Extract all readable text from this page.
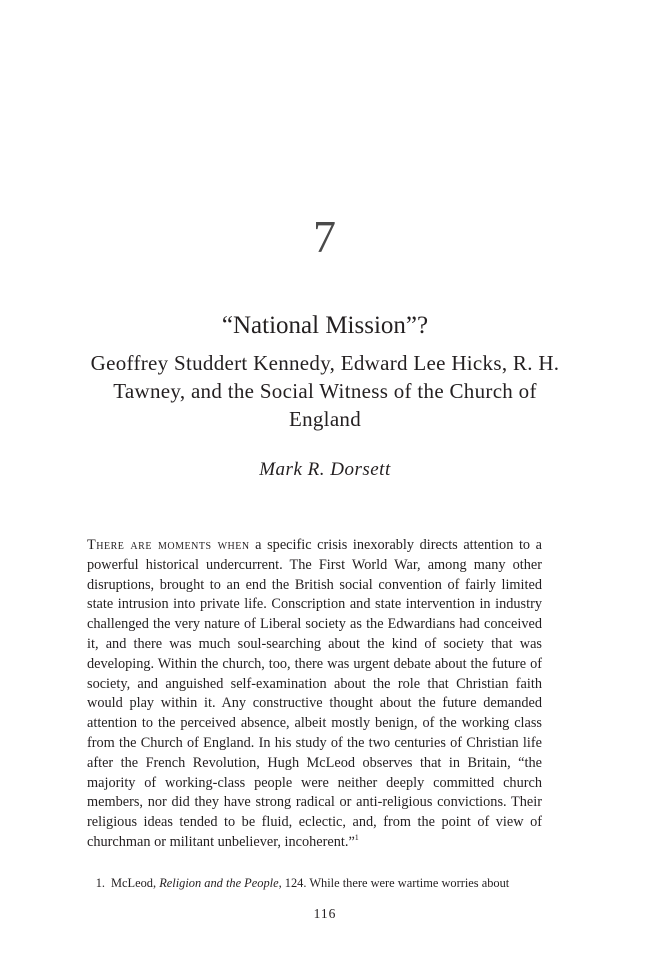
7
“National Mission”?
Geoffrey Studdert Kennedy, Edward Lee Hicks, R. H. Tawney, and the Social Witness of the Church of England
Mark R. Dorsett

There are moments when a specific crisis inexorably directs attention to a powerful historical undercurrent. The First World War, among many other disruptions, brought to an end the British social convention of fairly limited state intrusion into private life. Conscription and state intervention in industry challenged the very nature of Liberal society as the Edwardians had conceived it, and there was much soul-searching about the kind of society that was developing. Within the church, too, there was urgent debate about the future of society, and anguished self-examination about the role that Christian faith would play within it. Any constructive thought about the future demanded attention to the perceived absence, albeit mostly benign, of the working class from the Church of England. In his study of the two centuries of Christian life after the French Revolution, Hugh McLeod observes that in Britain, “the majority of working-class people were neither deeply committed church members, nor did they have strong radical or anti-religious convictions. Their religious ideas tended to be fluid, eclectic, and, from the point of view of churchman or militant unbeliever, incoherent.”$^1$

1. McLeod, Religion and the People, 124. While there were wartime worries about

116
